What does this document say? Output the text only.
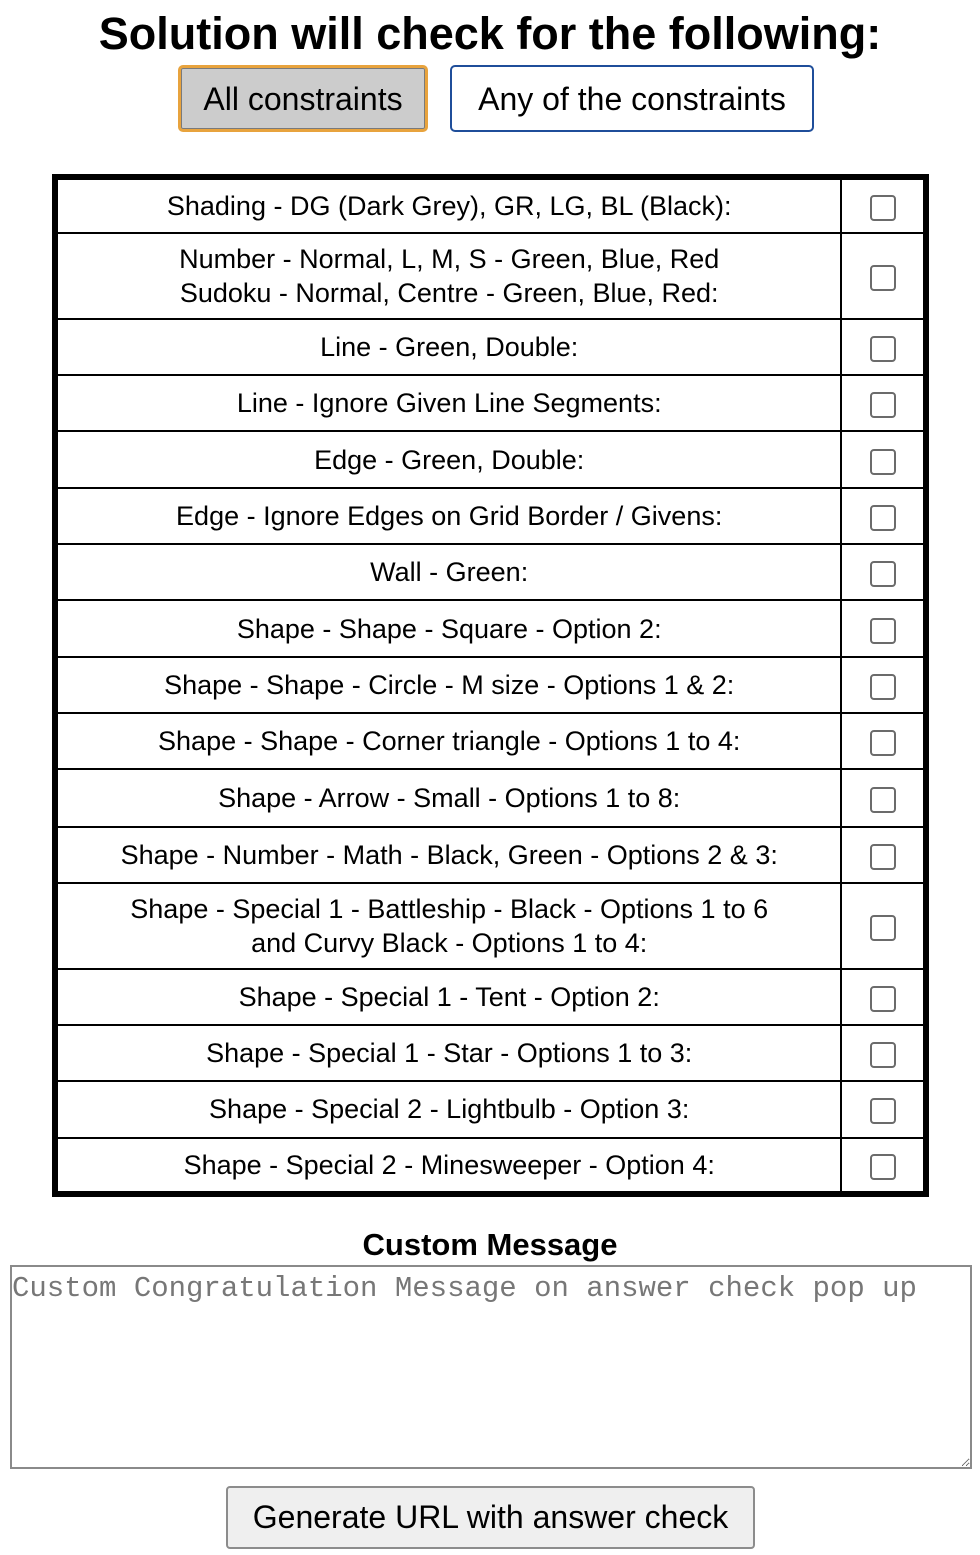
Solution will check for the following:
All constraints	Any of the constraints
Shading - DG (Dark Grey), GR, LG, BL (Black):	
Number - Normal, L, M, S - Green, Blue, Red
Sudoku - Normal, Centre - Green, Blue, Red:	
Line - Green, Double:	
Line - Ignore Given Line Segments:	
Edge - Green, Double:	
Edge - Ignore Edges on Grid Border / Givens:	
Wall - Green:	
Shape - Shape - Square - Option 2:	
Shape - Shape - Circle - M size - Options 1 & 2:	
Shape - Shape - Corner triangle - Options 1 to 4:	
Shape - Arrow - Small - Options 1 to 8:	
Shape - Number - Math - Black, Green - Options 2 & 3:	
Shape - Special 1 - Battleship - Black - Options 1 to 6
and Curvy Black - Options 1 to 4:	
Shape - Special 1 - Tent - Option 2:	
Shape - Special 1 - Star - Options 1 to 3:	
Shape - Special 2 - Lightbulb - Option 3:	
Shape - Special 2 - Minesweeper - Option 4:	
Custom Message
Custom Congratulation Message on answer check pop up
Generate URL with answer check
